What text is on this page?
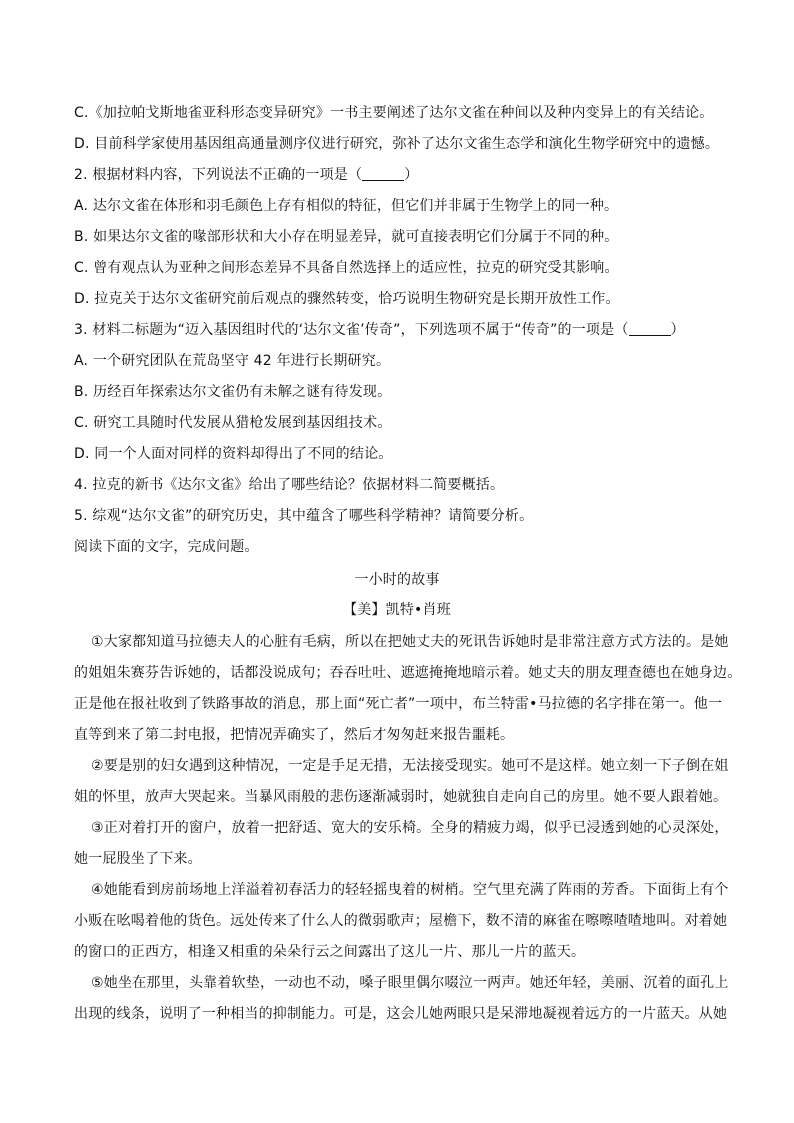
C.《加拉帕戈斯地雀亚科形态变异研究》一书主要阐述了达尔文雀在种间以及种内变异上的有关结论。
D. 目前科学家使用基因组高通量测序仪进行研究，弥补了达尔文雀生态学和演化生物学研究中的遗憾。
2. 根据材料内容，下列说法不正确的一项是（	）
A. 达尔文雀在体形和羽毛颜色上存有相似的特征，但它们并非属于生物学上的同一种。
B. 如果达尔文雀的喙部形状和大小存在明显差异，就可直接表明它们分属于不同的种。
C. 曾有观点认为亚种之间形态差异不具备自然选择上的适应性，拉克的研究受其影响。
D. 拉克关于达尔文雀研究前后观点的骤然转变，恰巧说明生物研究是长期开放性工作。
3. 材料二标题为“迈入基因组时代的‘达尔文雀’传奇”，下列选项不属于“传奇”的一项是（	）
A. 一个研究团队在荒岛坚守 42 年进行长期研究。
B. 历经百年探索达尔文雀仍有未解之谜有待发现。
C. 研究工具随时代发展从猎枪发展到基因组技术。
D. 同一个人面对同样的资料却得出了不同的结论。
4. 拉克的新书《达尔文雀》给出了哪些结论？依据材料二简要概括。
5. 综观“达尔文雀”的研究历史，其中蕴含了哪些科学精神？请简要分析。
阅读下面的文字，完成问题。
一小时的故事
【美】凯特•肖班
①大家都知道马拉德夫人的心脏有毛病，所以在把她丈夫的死讯告诉她时是非常注意方式方法的。是她
的姐姐朱赛芬告诉她的，话都没说成句；吞吞吐吐、遮遮掩掩地暗示着。她丈夫的朋友理查德也在她身边。
正是他在报社收到了铁路事故的消息，那上面“死亡者”一项中，布兰特雷•马拉德的名字排在第一。他一
直等到来了第二封电报，把情况弄确实了，然后才匆匆赶来报告噩耗。
②要是别的妇女遇到这种情况，一定是手足无措，无法接受现实。她可不是这样。她立刻一下子倒在姐
姐的怀里，放声大哭起来。当暴风雨般的悲伤逐渐减弱时，她就独自走向自己的房里。她不要人跟着她。
③正对着打开的窗户，放着一把舒适、宽大的安乐椅。全身的精疲力竭，似乎已浸透到她的心灵深处，
她一屁股坐了下来。
④她能看到房前场地上洋溢着初春活力的轻轻摇曳着的树梢。空气里充满了阵雨的芳香。下面街上有个
小贩在吆喝着他的货色。远处传来了什么人的微弱歌声；屋檐下，数不清的麻雀在嚓嚓喳喳地叫。对着她
的窗口的正西方，相逢又相重的朵朵行云之间露出了这儿一片、那儿一片的蓝天。
⑤她坐在那里，头靠着软垫，一动也不动，嗓子眼里偶尔啜泣一两声。她还年轻，美丽、沉着的面孔上
出现的线条，说明了一种相当的抑制能力。可是，这会儿她两眼只是呆滞地凝视着远方的一片蓝天。从她
